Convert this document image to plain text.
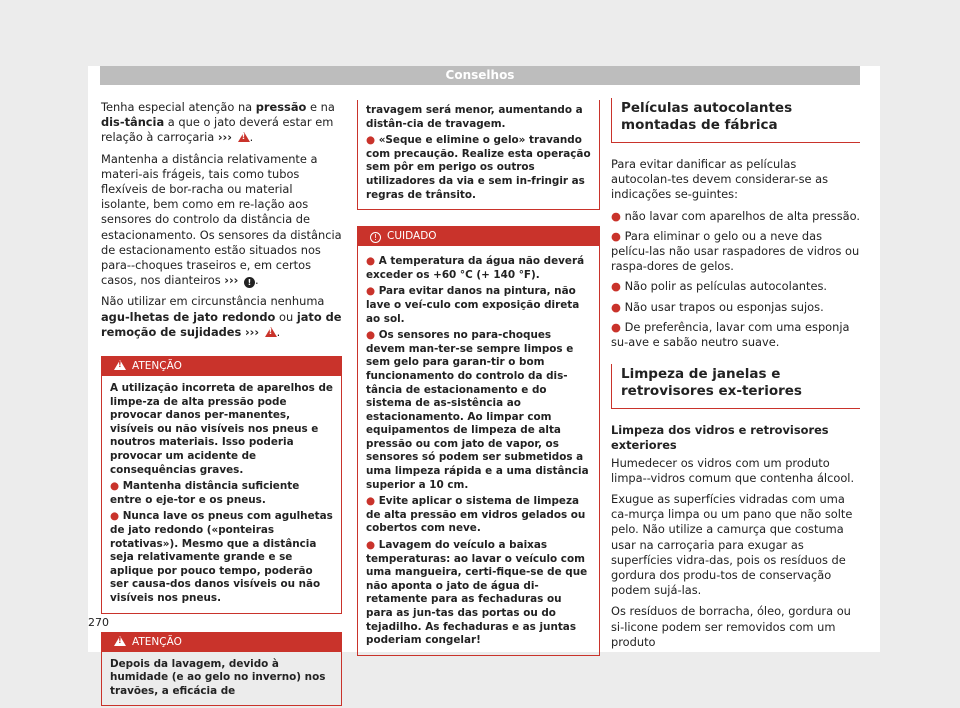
Conselhos

Tenha especial atenção na pressão e na dis-tância a que o jato deverá estar em relação à carroçaria ››› ! .

Mantenha a distância relativamente a materi-ais frágeis, tais como tubos flexíveis de bor-racha ou material isolante, bem como em re-lação aos sensores do controlo da distância de estacionamento. Os sensores da distância de estacionamento estão situados nos para--choques traseiros e, em certos casos, nos dianteiros ››› ! .

Não utilizar em circunstância nenhuma agu-lhetas de jato redondo ou jato de remoção de sujidades ››› ! .

!ATENÇÃO
A utilização incorreta de aparelhos de limpe-za de alta pressão pode provocar danos per-manentes, visíveis ou não visíveis nos pneus e noutros materiais. Isso poderia provocar um acidente de consequências graves.
● Mantenha distância suficiente entre o eje-tor e os pneus.
● Nunca lave os pneus com agulhetas de jato redondo («ponteiras rotativas»). Mesmo que a distância seja relativamente grande e se aplique por pouco tempo, poderão ser causa-dos danos visíveis ou não visíveis nos pneus.
!ATENÇÃO
Depois da lavagem, devido à humidade (e ao gelo no inverno) nos travões, a eficácia de
travagem será menor, aumentando a distân-cia de travagem.
● «Seque e elimine o gelo» travando com precaução. Realize esta operação sem pôr em perigo os outros utilizadores da via e sem in-fringir as regras de trânsito.
! CUIDADO
● A temperatura da água não deverá exceder os +60 °C (+ 140 °F).
● Para evitar danos na pintura, não lave o veí-culo com exposição direta ao sol.
● Os sensores no para-choques devem man-ter-se sempre limpos e sem gelo para garan-tir o bom funcionamento do controlo da dis-tância de estacionamento e do sistema de as-sistência ao estacionamento. Ao limpar com equipamentos de limpeza de alta pressão ou com jato de vapor, os sensores só podem ser submetidos a uma limpeza rápida e a uma distância superior a 10 cm.
● Evite aplicar o sistema de limpeza de alta pressão em vidros gelados ou cobertos com neve.
● Lavagem do veículo a baixas temperaturas: ao lavar o veículo com uma mangueira, certi-fique-se de que não aponta o jato de água di-retamente para as fechaduras ou para as jun-tas das portas ou do tejadilho. As fechaduras e as juntas poderiam congelar!
Películas autocolantes montadas de fábrica

Para evitar danificar as películas autocolan-tes devem considerar-se as indicações se-guintes:

● não lavar com aparelhos de alta pressão.
● Para eliminar o gelo ou a neve das pelícu-las não usar raspadores de vidros ou raspa-dores de gelos.
● Não polir as películas autocolantes.
● Não usar trapos ou esponjas sujos.
● De preferência, lavar com uma esponja su-ave e sabão neutro suave.
Limpeza de janelas e retrovisores ex-teriores

Limpeza dos vidros e retrovisores exteriores

Humedecer os vidros com um produto limpa--vidros comum que contenha álcool.

Exugue as superfícies vidradas com uma ca-murça limpa ou um pano que não solte pelo. Não utilize a camurça que costuma usar na carroçaria para exugar as superfícies vidra-das, pois os resíduos de gordura dos produ-tos de conservação podem sujá-las.

Os resíduos de borracha, óleo, gordura ou si-licone podem ser removidos com um produto

270
